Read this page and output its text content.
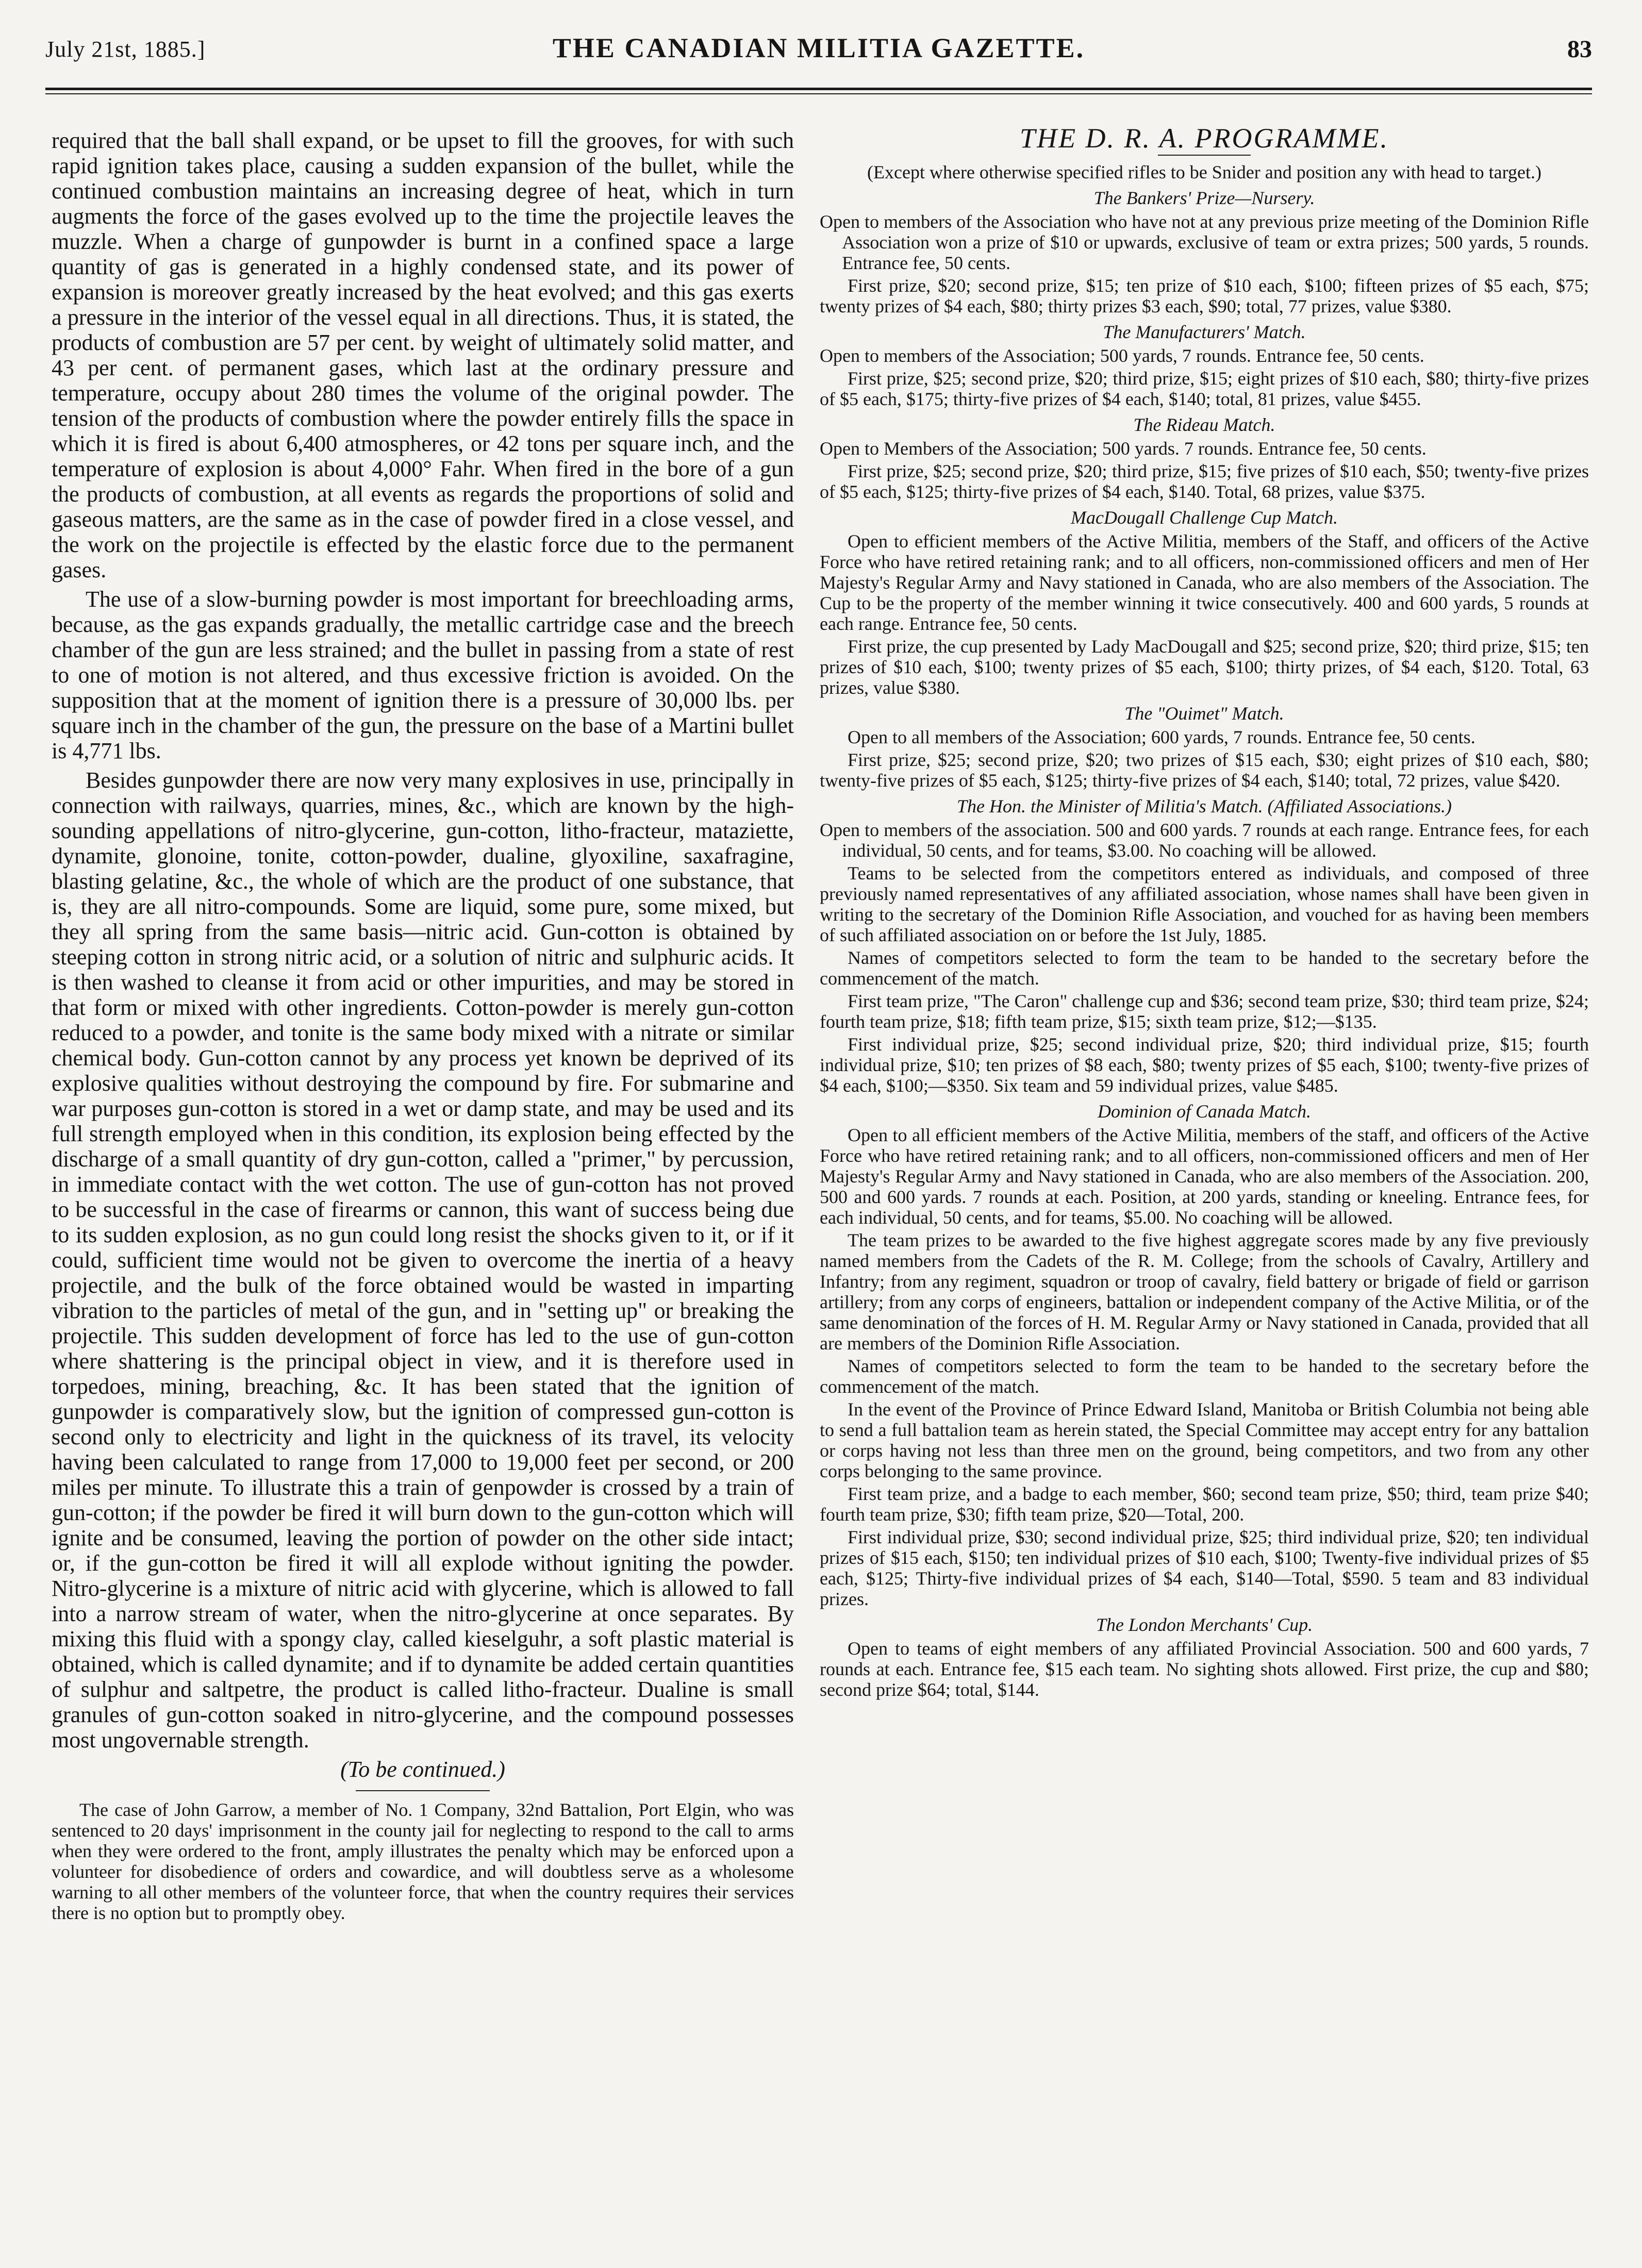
July 21st, 1885.]	THE CANADIAN MILITIA GAZETTE.	83

required that the ball shall expand, or be upset to fill the grooves, for with such rapid ignition takes place, causing a sudden expansion of the bullet, while the continued combustion maintains an increasing degree of heat, which in turn augments the force of the gases evolved up to the time the projectile leaves the muzzle. When a charge of gunpowder is burnt in a confined space a large quantity of gas is generated in a highly condensed state, and its power of expansion is moreover greatly increased by the heat evolved; and this gas exerts a pressure in the interior of the vessel equal in all directions. Thus, it is stated, the products of combustion are 57 per cent. by weight of ultimately solid matter, and 43 per cent. of permanent gases, which last at the ordinary pressure and temperature, occupy about 280 times the volume of the original powder. The tension of the products of combustion where the powder entirely fills the space in which it is fired is about 6,400 atmospheres, or 42 tons per square inch, and the temperature of explosion is about 4,000° Fahr. When fired in the bore of a gun the products of combustion, at all events as regards the proportions of solid and gaseous matters, are the same as in the case of powder fired in a close vessel, and the work on the projectile is effected by the elastic force due to the permanent gases.

The use of a slow-burning powder is most important for breechloading arms, because, as the gas expands gradually, the metallic cartridge case and the breech chamber of the gun are less strained; and the bullet in passing from a state of rest to one of motion is not altered, and thus excessive friction is avoided. On the supposition that at the moment of ignition there is a pressure of 30,000 lbs. per square inch in the chamber of the gun, the pressure on the base of a Martini bullet is 4,771 lbs.

Besides gunpowder there are now very many explosives in use, principally in connection with railways, quarries, mines, &c., which are known by the high-sounding appellations of nitro-glycerine, gun-cotton, litho-fracteur, mataziette, dynamite, glonoine, tonite, cotton-powder, dualine, glyoxiline, saxafragine, blasting gelatine, &c., the whole of which are the product of one substance, that is, they are all nitro-compounds. Some are liquid, some pure, some mixed, but they all spring from the same basis—nitric acid. Gun-cotton is obtained by steeping cotton in strong nitric acid, or a solution of nitric and sulphuric acids. It is then washed to cleanse it from acid or other impurities, and may be stored in that form or mixed with other ingredients. Cotton-powder is merely gun-cotton reduced to a powder, and tonite is the same body mixed with a nitrate or similar chemical body. Gun-cotton cannot by any process yet known be deprived of its explosive qualities without destroying the compound by fire. For submarine and war purposes gun-cotton is stored in a wet or damp state, and may be used and its full strength employed when in this condition, its explosion being effected by the discharge of a small quantity of dry gun-cotton, called a "primer," by percussion, in immediate contact with the wet cotton. The use of gun-cotton has not proved to be successful in the case of firearms or cannon, this want of success being due to its sudden explosion, as no gun could long resist the shocks given to it, or if it could, sufficient time would not be given to overcome the inertia of a heavy projectile, and the bulk of the force obtained would be wasted in imparting vibration to the particles of metal of the gun, and in "setting up" or breaking the projectile. This sudden development of force has led to the use of gun-cotton where shattering is the principal object in view, and it is therefore used in torpedoes, mining, breaching, &c. It has been stated that the ignition of gunpowder is comparatively slow, but the ignition of compressed gun-cotton is second only to electricity and light in the quickness of its travel, its velocity having been calculated to range from 17,000 to 19,000 feet per second, or 200 miles per minute. To illustrate this a train of genpowder is crossed by a train of gun-cotton; if the powder be fired it will burn down to the gun-cotton which will ignite and be consumed, leaving the portion of powder on the other side intact; or, if the gun-cotton be fired it will all explode without igniting the powder. Nitro-glycerine is a mixture of nitric acid with glycerine, which is allowed to fall into a narrow stream of water, when the nitro-glycerine at once separates. By mixing this fluid with a spongy clay, called kieselguhr, a soft plastic material is obtained, which is called dynamite; and if to dynamite be added certain quantities of sulphur and saltpetre, the product is called litho-fracteur. Dualine is small granules of gun-cotton soaked in nitro-glycerine, and the compound possesses most ungovernable strength.

(To be continued.)

The case of John Garrow, a member of No. 1 Company, 32nd Battalion, Port Elgin, who was sentenced to 20 days' imprisonment in the county jail for neglecting to respond to the call to arms when they were ordered to the front, amply illustrates the penalty which may be enforced upon a volunteer for disobedience of orders and cowardice, and will doubtless serve as a wholesome warning to all other members of the volunteer force, that when the country requires their services there is no option but to promptly obey.

THE D. R. A. PROGRAMME.

(Except where otherwise specified rifles to be Snider and position any with head to target.)

The Bankers' Prize—Nursery.

Open to members of the Association who have not at any previous prize meeting of the Dominion Rifle Association won a prize of $10 or upwards, exclusive of team or extra prizes; 500 yards, 5 rounds. Entrance fee, 50 cents.

First prize, $20; second prize, $15; ten prize of $10 each, $100; fifteen prizes of $5 each, $75; twenty prizes of $4 each, $80; thirty prizes $3 each, $90; total, 77 prizes, value $380.

The Manufacturers' Match.

Open to members of the Association; 500 yards, 7 rounds. Entrance fee, 50 cents.

First prize, $25; second prize, $20; third prize, $15; eight prizes of $10 each, $80; thirty-five prizes of $5 each, $175; thirty-five prizes of $4 each, $140; total, 81 prizes, value $455.

The Rideau Match.

Open to Members of the Association; 500 yards. 7 rounds. Entrance fee, 50 cents.

First prize, $25; second prize, $20; third prize, $15; five prizes of $10 each, $50; twenty-five prizes of $5 each, $125; thirty-five prizes of $4 each, $140. Total, 68 prizes, value $375.

MacDougall Challenge Cup Match.

Open to efficient members of the Active Militia, members of the Staff, and officers of the Active Force who have retired retaining rank; and to all officers, non-commissioned officers and men of Her Majesty's Regular Army and Navy stationed in Canada, who are also members of the Association. The Cup to be the property of the member winning it twice consecutively. 400 and 600 yards, 5 rounds at each range. Entrance fee, 50 cents.

First prize, the cup presented by Lady MacDougall and $25; second prize, $20; third prize, $15; ten prizes of $10 each, $100; twenty prizes of $5 each, $100; thirty prizes, of $4 each, $120. Total, 63 prizes, value $380.

The "Ouimet" Match.

Open to all members of the Association; 600 yards, 7 rounds. Entrance fee, 50 cents.

First prize, $25; second prize, $20; two prizes of $15 each, $30; eight prizes of $10 each, $80; twenty-five prizes of $5 each, $125; thirty-five prizes of $4 each, $140; total, 72 prizes, value $420.

The Hon. the Minister of Militia's Match. (Affiliated Associations.)

Open to members of the association. 500 and 600 yards. 7 rounds at each range. Entrance fees, for each individual, 50 cents, and for teams, $3.00. No coaching will be allowed.

Teams to be selected from the competitors entered as individuals, and composed of three previously named representatives of any affiliated association, whose names shall have been given in writing to the secretary of the Dominion Rifle Association, and vouched for as having been members of such affiliated association on or before the 1st July, 1885.

Names of competitors selected to form the team to be handed to the secretary before the commencement of the match.

First team prize, "The Caron" challenge cup and $36; second team prize, $30; third team prize, $24; fourth team prize, $18; fifth team prize, $15; sixth team prize, $12;—$135.

First individual prize, $25; second individual prize, $20; third individual prize, $15; fourth individual prize, $10; ten prizes of $8 each, $80; twenty prizes of $5 each, $100; twenty-five prizes of $4 each, $100;—$350. Six team and 59 individual prizes, value $485.

Dominion of Canada Match.

Open to all efficient members of the Active Militia, members of the staff, and officers of the Active Force who have retired retaining rank; and to all officers, non-commissioned officers and men of Her Majesty's Regular Army and Navy stationed in Canada, who are also members of the Association. 200, 500 and 600 yards. 7 rounds at each. Position, at 200 yards, standing or kneeling. Entrance fees, for each individual, 50 cents, and for teams, $5.00. No coaching will be allowed.

The team prizes to be awarded to the five highest aggregate scores made by any five previously named members from the Cadets of the R. M. College; from the schools of Cavalry, Artillery and Infantry; from any regiment, squadron or troop of cavalry, field battery or brigade of field or garrison artillery; from any corps of engineers, battalion or independent company of the Active Militia, or of the same denomination of the forces of H. M. Regular Army or Navy stationed in Canada, provided that all are members of the Dominion Rifle Association.

Names of competitors selected to form the team to be handed to the secretary before the commencement of the match.

In the event of the Province of Prince Edward Island, Manitoba or British Columbia not being able to send a full battalion team as herein stated, the Special Committee may accept entry for any battalion or corps having not less than three men on the ground, being competitors, and two from any other corps belonging to the same province.

First team prize, and a badge to each member, $60; second team prize, $50; third, team prize $40; fourth team prize, $30; fifth team prize, $20—Total, 200.

First individual prize, $30; second individual prize, $25; third individual prize, $20; ten individual prizes of $15 each, $150; ten individual prizes of $10 each, $100; Twenty-five individual prizes of $5 each, $125; Thirty-five individual prizes of $4 each, $140—Total, $590. 5 team and 83 individual prizes.

The London Merchants' Cup.

Open to teams of eight members of any affiliated Provincial Association. 500 and 600 yards, 7 rounds at each. Entrance fee, $15 each team. No sighting shots allowed. First prize, the cup and $80; second prize $64; total, $144.
